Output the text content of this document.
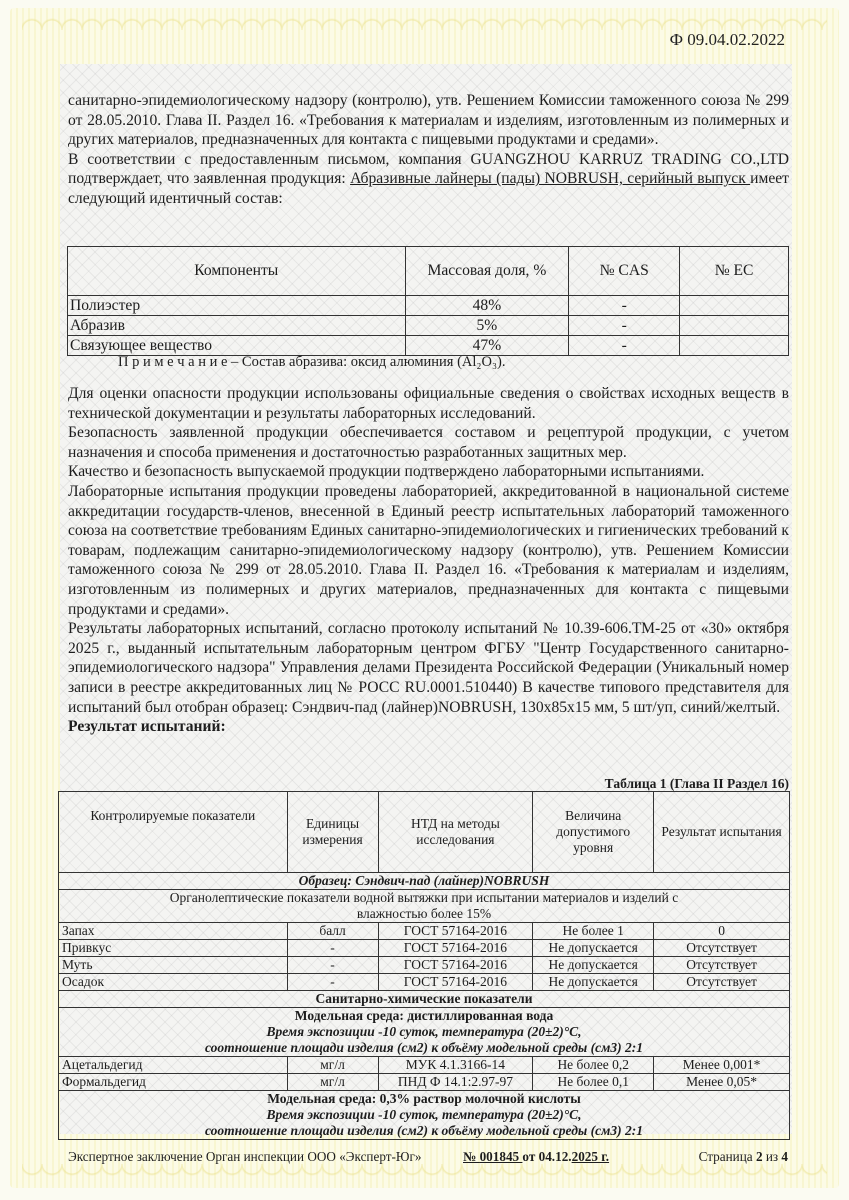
Ф 09.04.02.2022

санитарно-эпидемиологическому надзору (контролю), утв. Решением Комиссии таможенного союза № 299 от 28.05.2010. Глава II. Раздел 16. «Требования к материалам и изделиям, изготовленным из полимерных и других материалов, предназначенных для контакта с пищевыми продуктами и средами».

В соответствии с предоставленным письмом, компания GUANGZHOU KARRUZ TRADING CO.,LTD подтверждает, что заявленная продукция: Абразивные лайнеры (пады) NOBRUSH, серийный выпуск имеет следующий идентичный состав:

Компоненты	Массовая доля, %	№ CAS	№ EC
Полиэстер	48%	-	
Абразив	5%	-	
Связующее вещество	47%	-	
П р и м е ч а н и е – Состав абразива: оксид алюминия (Al₂O₃).

Для оценки опасности продукции использованы официальные сведения о свойствах исходных веществ в технической документации и результаты лабораторных исследований.

Безопасность заявленной продукции обеспечивается составом и рецептурой продукции, с учетом назначения и способа применения и достаточностью разработанных защитных мер.

Качество и безопасность выпускаемой продукции подтверждено лабораторными испытаниями.

Лабораторные испытания продукции проведены лабораторией, аккредитованной в национальной системе аккредитации государств-членов, внесенной в Единый реестр испытательных лабораторий таможенного союза на соответствие требованиям Единых санитарно-эпидемиологических и гигиенических требований к товарам, подлежащим санитарно-эпидемиологическому надзору (контролю), утв. Решением Комиссии таможенного союза № 299 от 28.05.2010. Глава II. Раздел 16. «Требования к материалам и изделиям, изготовленным из полимерных и других материалов, предназначенных для контакта с пищевыми продуктами и средами».

Результаты лабораторных испытаний, согласно протоколу испытаний № 10.39-606.ТМ-25 от «30» октября 2025 г., выданный испытательным лабораторным центром ФГБУ "Центр Государственного санитарно-эпидемиологического надзора" Управления делами Президента Российской Федерации (Уникальный номер записи в реестре аккредитованных лиц № РОСС RU.0001.510440) В качестве типового представителя для испытаний был отобран образец: Сэндвич-пад (лайнер)NOBRUSH, 130x85x15 мм, 5 шт/уп, синий/желтый.

Результат испытаний:

Таблица 1 (Глава II Раздел 16)
Контролируемые показатели	Единицы измерения	НТД на методы исследования	Величина допустимого уровня	Результат испытания
Образец: Сэндвич-пад (лайнер)NOBRUSH				
Органолептические показатели водной вытяжки при испытании материалов и изделий с влажностью более 15%				
Запах	балл	ГОСТ 57164-2016	Не более 1	0
Привкус	-	ГОСТ 57164-2016	Не допускается	Отсутствует
Муть	-	ГОСТ 57164-2016	Не допускается	Отсутствует
Осадок	-	ГОСТ 57164-2016	Не допускается	Отсутствует
Санитарно-химические показатели				

Модельная среда: дистиллированная вода
Время экспозиции -10 суток, температура (20±2)°С,
соотношение площади изделия (см2) к объёму модельной среды (см3) 2:1				

Ацетальдегид	мг/л	МУК 4.1.3166-14	Не более 0,2	Менее 0,001*
Формальдегид	мг/л	ПНД Ф 14.1:2.97-97	Не более 0,1	Менее 0,05*

Модельная среда: 0,3% раствор молочной кислоты
Время экспозиции -10 суток, температура (20±2)°С,
соотношение площади изделия (см2) к объёму модельной среды (см3) 2:1				
Экспертное заключение Орган инспекции ООО «Эксперт-Юг»	№ 001845 от 04.12.2025 г.	Страница 2 из 4
